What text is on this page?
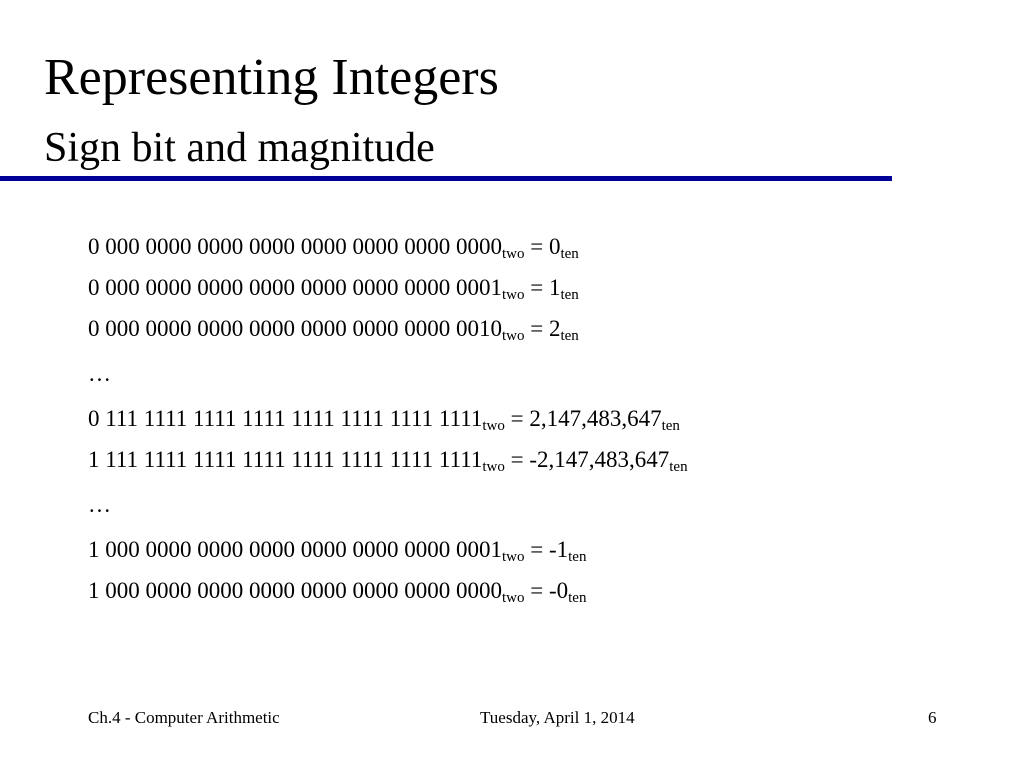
Representing Integers
Sign bit and magnitude
0 000 0000 0000 0000 0000 0000 0000 $0000_{two} = 0_{ten}$
0 000 0000 0000 0000 0000 0000 0000 $0001_{two} = 1_{ten}$
0 000 0000 0000 0000 0000 0000 0000 $0010_{two} = 2_{ten}$
…
0 111 1111 1111 1111 1111 1111 1111 $1111_{two} = 2,147,483,647_{ten}$
1 111 1111 1111 1111 1111 1111 1111 $1111_{two} = -2,147,483,647_{ten}$
…
1 000 0000 0000 0000 0000 0000 0000 $0001_{two} = -1_{ten}$
1 000 0000 0000 0000 0000 0000 0000 $0000_{two} = -0_{ten}$
Ch.4 - Computer Arithmetic	Tuesday, April 1, 2014	6
